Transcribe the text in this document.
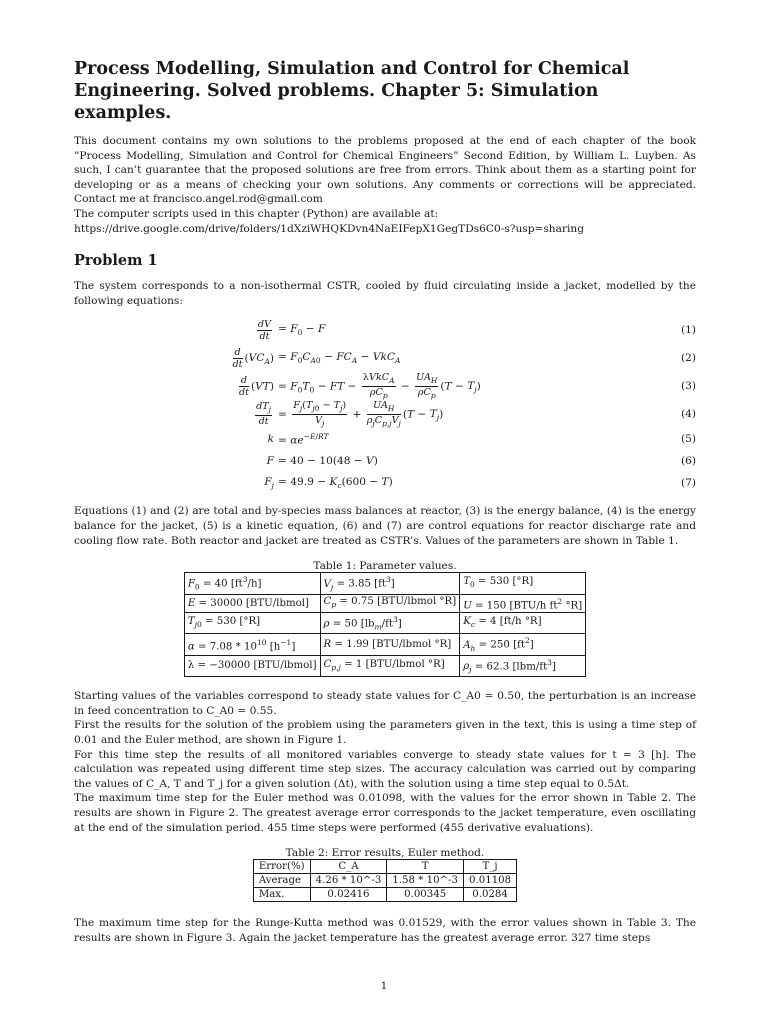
Process Modelling, Simulation and Control for Chemical Engineering. Solved problems. Chapter 5: Simulation examples.

This document contains my own solutions to the problems proposed at the end of each chapter of the book ”Process Modelling, Simulation and Control for Chemical Engineers” Second Edition, by William L. Luyben. As such, I can’t guarantee that the proposed solutions are free from errors. Think about them as a starting point for developing or as a means of checking your own solutions. Any comments or corrections will be appreciated. Contact me at francisco.angel.rod@gmail.com

The computer scripts used in this chapter (Python) are available at:

https://drive.google.com/drive/folders/1dXziWHQKDvn4NaEIFepX1GegTDs6C0-s?usp=sharing

Problem 1

The system corresponds to a non-isothermal CSTR, cooled by fluid circulating inside a jacket, modelled by the following equations:

$\frac{dV}{dt} = F_0 - F$	(1)
$\frac{d}{dt} (VC_A) = F_0C_{A0} - FC_A - VkC_A$	(2)
$\frac{d}{dt} (VT) = F_0T_0$ − FT − $\frac{\lambda VkC_A}{\rho C_p} - \frac{UA_H}{\rho C_p} (T - T_j)$	(3)
$\frac{dT_j}{dt} = \frac{F_j(T_{j0} - T_j)}{V_j} + \frac{UA_H}{\rho_jC_{p,j}V_j} (T - T_j)$	(4)
$k = \alpha e^{-E/RT}$	(5)
F = 40 − 10(48 − V)	(6)
$F_j = 49.9 - K_c(600 - T)$	(7)

Equations (1) and (2) are total and by-species mass balances at reactor, (3) is the energy balance, (4) is the energy balance for the jacket, (5) is a kinetic equation, (6) and (7) are control equations for reactor discharge rate and cooling flow rate. Both reactor and jacket are treated as CSTR’s. Values of the parameters are shown in Table 1.

Table 1: Parameter values.
$F_0 = 40$ $[ft^3/h]$	$V_j = 3.85$ $[ft^3]$	$T_0 = 530$ [°R]
E = 30000 [BTU/lbmol]	$C_p = 0.75$ [BTU/lbmol °R]	U = 150 [BTU/h $ft^2$ °R]
$T_{j0} = 530$ [°R]	ρ = 50 $[lb_m/ft^3]$	$K_c = 4$ [ft/h °R]
$\alpha = 7.08 * 10^{10}$ $[h^{-1}]$	R = 1.99 [BTU/lbmol °R]	$A_h = 250$ $[ft^2]$
λ = −30000 [BTU/lbmol]	$C_{p,j} = 1$ [BTU/lbmol °R]	$\rho_j = 62.3$ $[lbm/ft^3]$

Starting values of the variables correspond to steady state values for C_A0 = 0.50, the perturbation is an increase in feed concentration to C_A0 = 0.55.

First the results for the solution of the problem using the parameters given in the text, this is using a time step of 0.01 and the Euler method, are shown in Figure 1.

For this time step the results of all monitored variables converge to steady state values for t = 3 [h]. The calculation was repeated using different time step sizes. The accuracy calculation was carried out by comparing the values of C_A, T and T_j for a given solution (Δt), with the solution using a time step equal to 0.5Δt.

The maximum time step for the Euler method was 0.01098, with the values for the error shown in Table 2. The results are shown in Figure 2. The greatest average error corresponds to the jacket temperature, even oscillating at the end of the simulation period. 455 time steps were performed (455 derivative evaluations).

Table 2: Error results, Euler method.
Error(%)	C_A	T	T_j
Average	4.26 * 10^-3	1.58 * 10^-3	0.01108
Max.	0.02416	0.00345	0.0284

The maximum time step for the Runge-Kutta method was 0.01529, with the error values shown in Table 3. The results are shown in Figure 3. Again the jacket temperature has the greatest average error. 327 time steps

1
